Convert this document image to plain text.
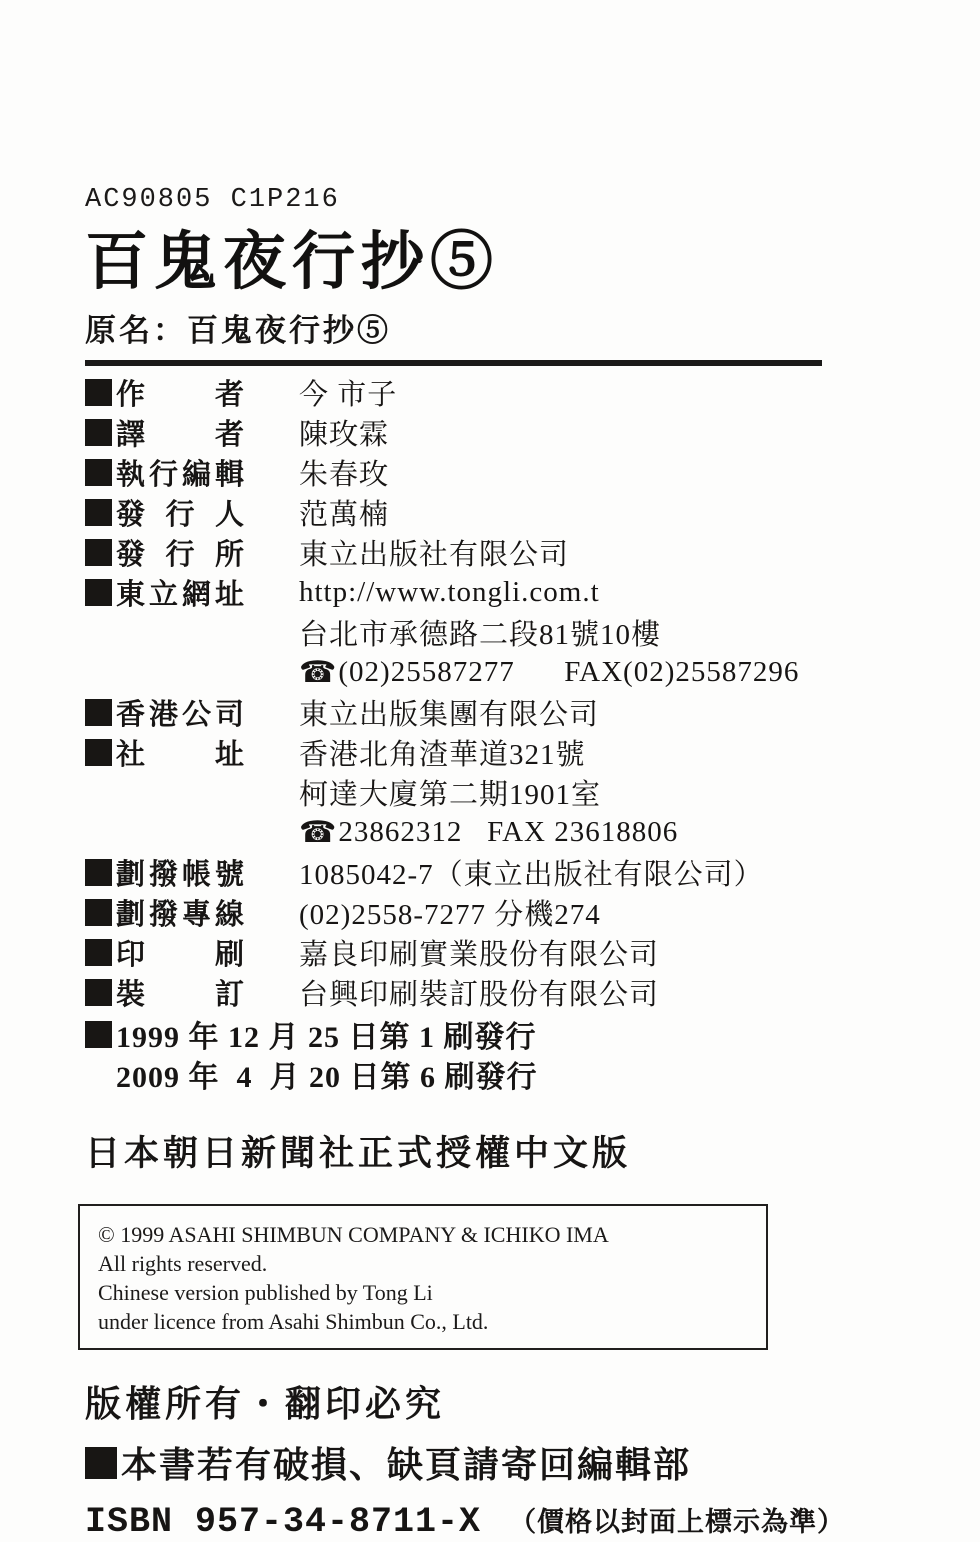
AC90805 C1P216
百鬼夜行抄⑤
原名：百鬼夜行抄⑤
作者 今 市子
譯者 陳玫霖
執行編輯 朱春玫
發行人 范萬楠
發行所 東立出版社有限公司
東立網址 http://www.tongli.com.t
台北市承德路二段81號10樓
☎ (02)25587277      FAX(02)25587296
香港公司 東立出版集團有限公司
社址 香港北角渣華道321號
柯達大廈第二期1901室
☎ 23862312   FAX 23618806
劃撥帳號 1085042-7（東立出版社有限公司）
劃撥專線 (02)2558-7277 分機274
印刷 嘉良印刷實業股份有限公司
裝訂 台興印刷裝訂股份有限公司
1999 年 12 月 25 日第 1 刷發行
2009 年  4  月 20 日第 6 刷發行
日本朝日新聞社正式授權中文版
© 1999 ASAHI SHIMBUN COMPANY & ICHIKO IMA
All rights reserved.
Chinese version published by Tong Li
under licence from Asahi Shimbun Co., Ltd.
版權所有・翻印必究
本書若有破損、缺頁請寄回編輯部
ISBN 957-34-8711-X （價格以封面上標示為準）
